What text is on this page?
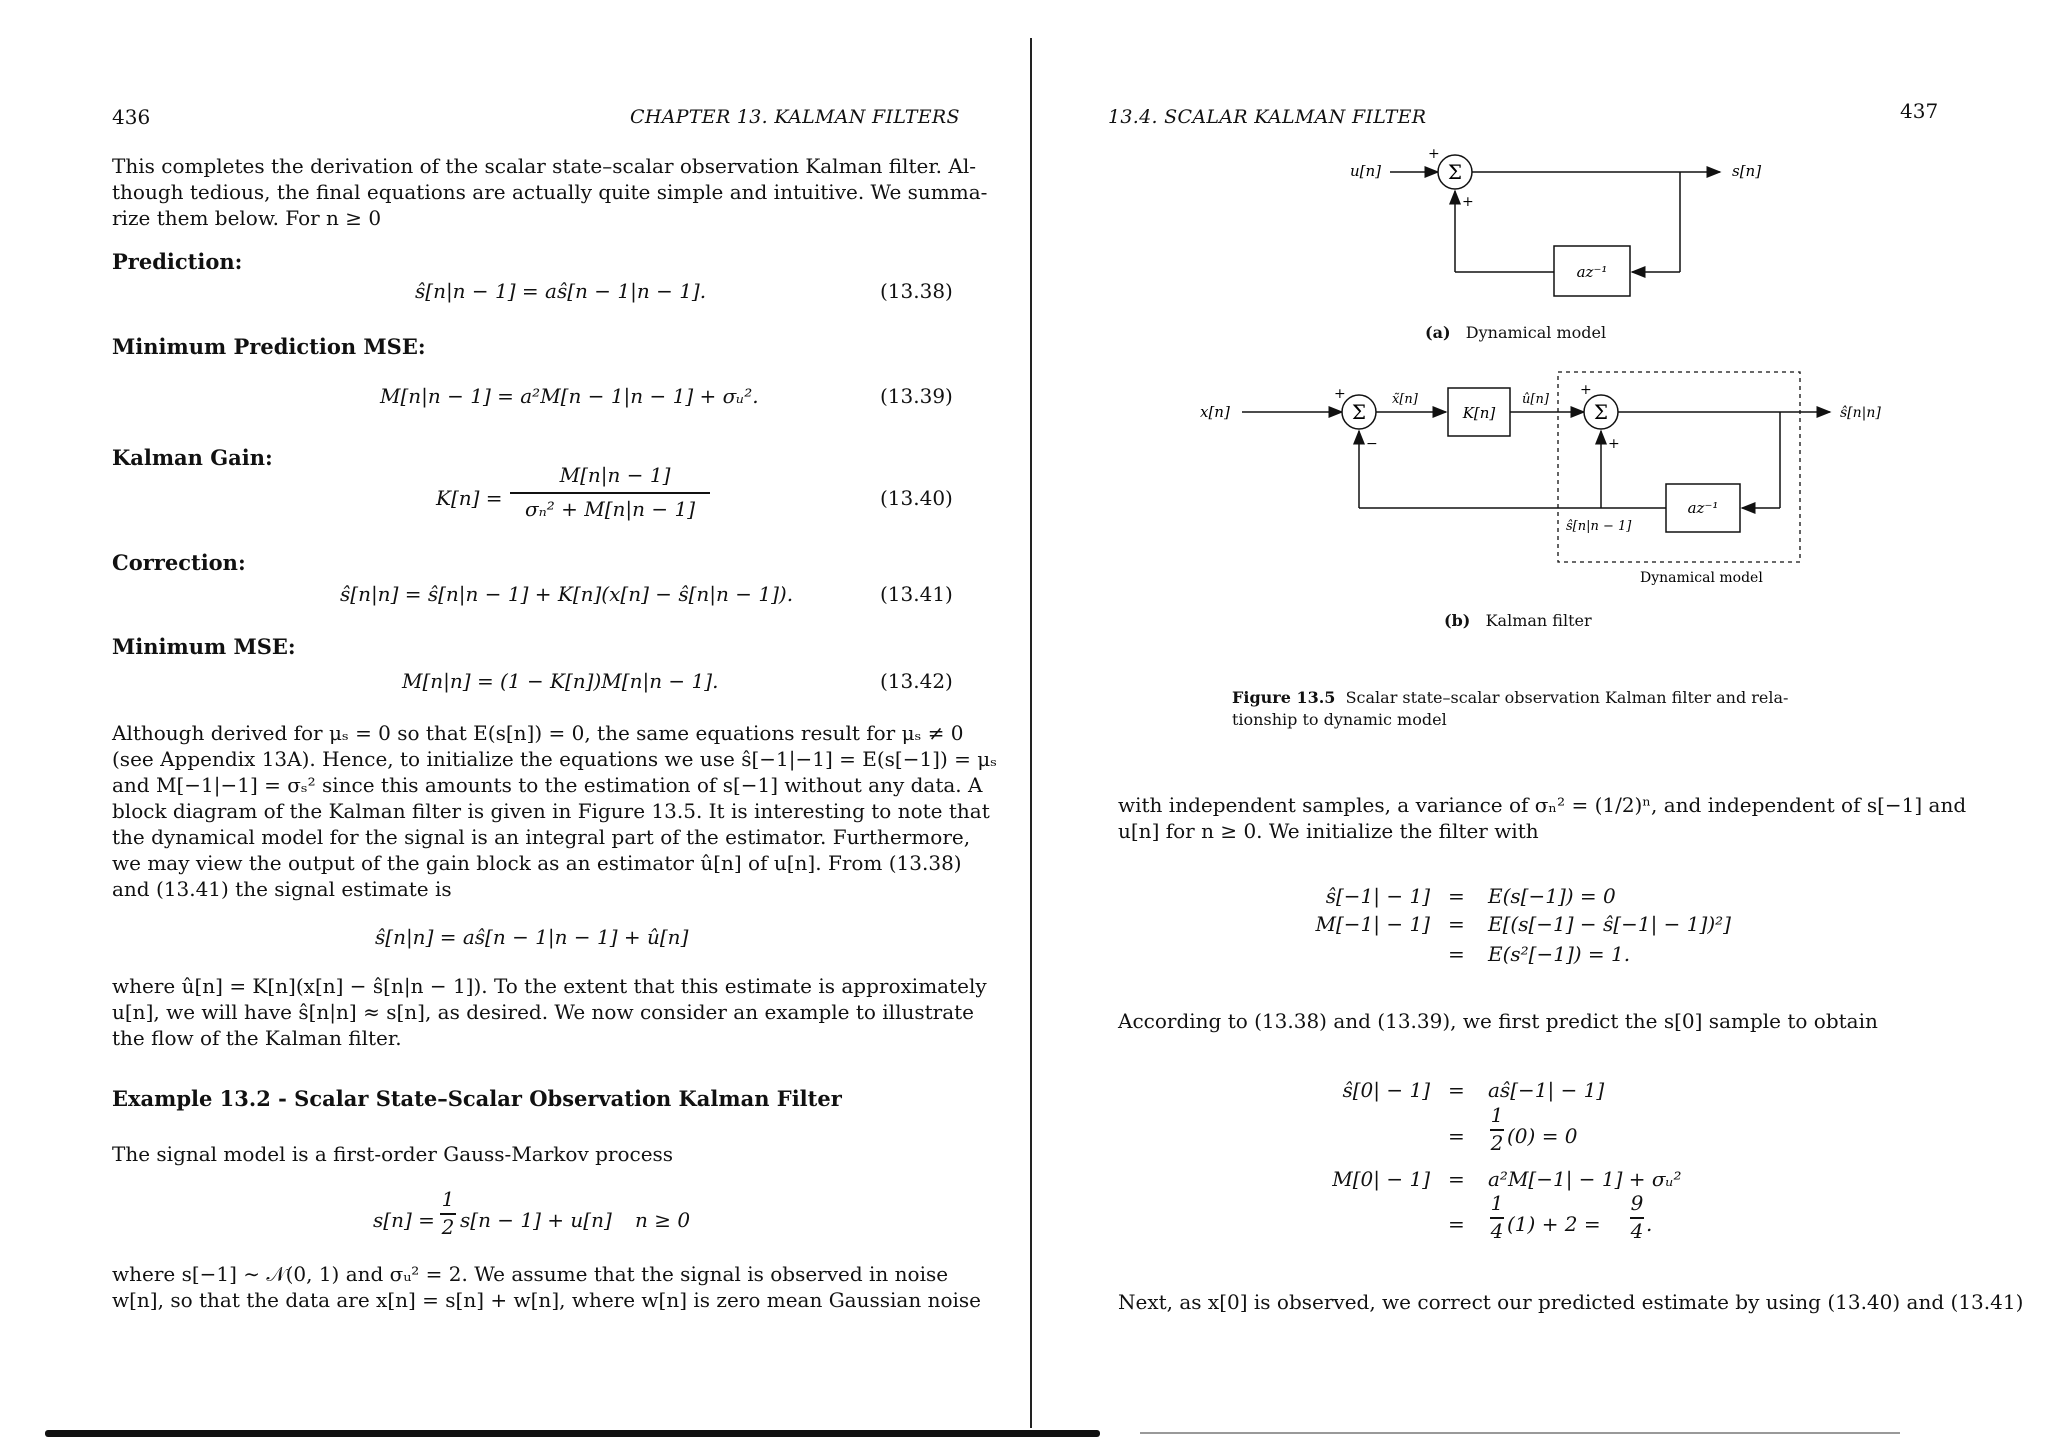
436	CHAPTER 13. KALMAN FILTERS
This completes the derivation of the scalar state–scalar observation Kalman filter. Al-
though tedious, the final equations are actually quite simple and intuitive. We summa-
rize them below. For n ≥ 0
Prediction:
ŝ[n|n − 1] = aŝ[n − 1|n − 1].	(13.38)
Minimum Prediction MSE:
M[n|n − 1] = a²M[n − 1|n − 1] + σᵤ².	(13.39)
Kalman Gain:
K[n] =
M[n|n − 1]
σₙ² + M[n|n − 1]	(13.40)
Correction:
ŝ[n|n] = ŝ[n|n − 1] + K[n](x[n] − ŝ[n|n − 1]).	(13.41)
Minimum MSE:
M[n|n] = (1 − K[n])M[n|n − 1].	(13.42)
Although derived for μₛ = 0 so that E(s[n]) = 0, the same equations result for μₛ ≠ 0
(see Appendix 13A). Hence, to initialize the equations we use ŝ[−1|−1] = E(s[−1]) = μₛ
and M[−1|−1] = σₛ² since this amounts to the estimation of s[−1] without any data. A
block diagram of the Kalman filter is given in Figure 13.5. It is interesting to note that
the dynamical model for the signal is an integral part of the estimator. Furthermore,
we may view the output of the gain block as an estimator û[n] of u[n]. From (13.38)
and (13.41) the signal estimate is
ŝ[n|n] = aŝ[n − 1|n − 1] + û[n]
where û[n] = K[n](x[n] − ŝ[n|n − 1]). To the extent that this estimate is approximately
u[n], we will have ŝ[n|n] ≈ s[n], as desired. We now consider an example to illustrate
the flow of the Kalman filter.
Example 13.2 - Scalar State–Scalar Observation Kalman Filter
The signal model is a first-order Gauss-Markov process
s[n] =
1
2 s[n − 1] + u[n] n ≥ 0
where s[−1] ∼ 𝒩(0, 1) and σᵤ² = 2. We assume that the signal is observed in noise
w[n], so that the data are x[n] = s[n] + w[n], where w[n] is zero mean Gaussian noise
13.4. SCALAR KALMAN FILTER	437
u[n]	Σ
+
+
s[n]
az⁻¹
(a) Dynamical model
x[n]	Σ
+
−
x̃[n]
K[n]
û[n]
+
Σ
+
ŝ[n|n]
az⁻¹
ŝ[n|n − 1]
Dynamical model
(b) Kalman filter
Figure 13.5 Scalar state–scalar observation Kalman filter and rela-
tionship to dynamic model
with independent samples, a variance of σₙ² = (1/2)ⁿ, and independent of s[−1] and
u[n] for n ≥ 0. We initialize the filter with
ŝ[−1| − 1] = E(s[−1]) = 0
M[−1| − 1] = E[(s[−1] − ŝ[−1| − 1])²]
= E(s²[−1]) = 1.
According to (13.38) and (13.39), we first predict the s[0] sample to obtain
ŝ[0| − 1] = aŝ[−1| − 1]
=
1
2 (0) = 0
M[0| − 1] = a²M[−1| − 1] + σᵤ²
=
1
4 (1) + 2 =
9
4 .
Next, as x[0] is observed, we correct our predicted estimate by using (13.40) and (13.41)
